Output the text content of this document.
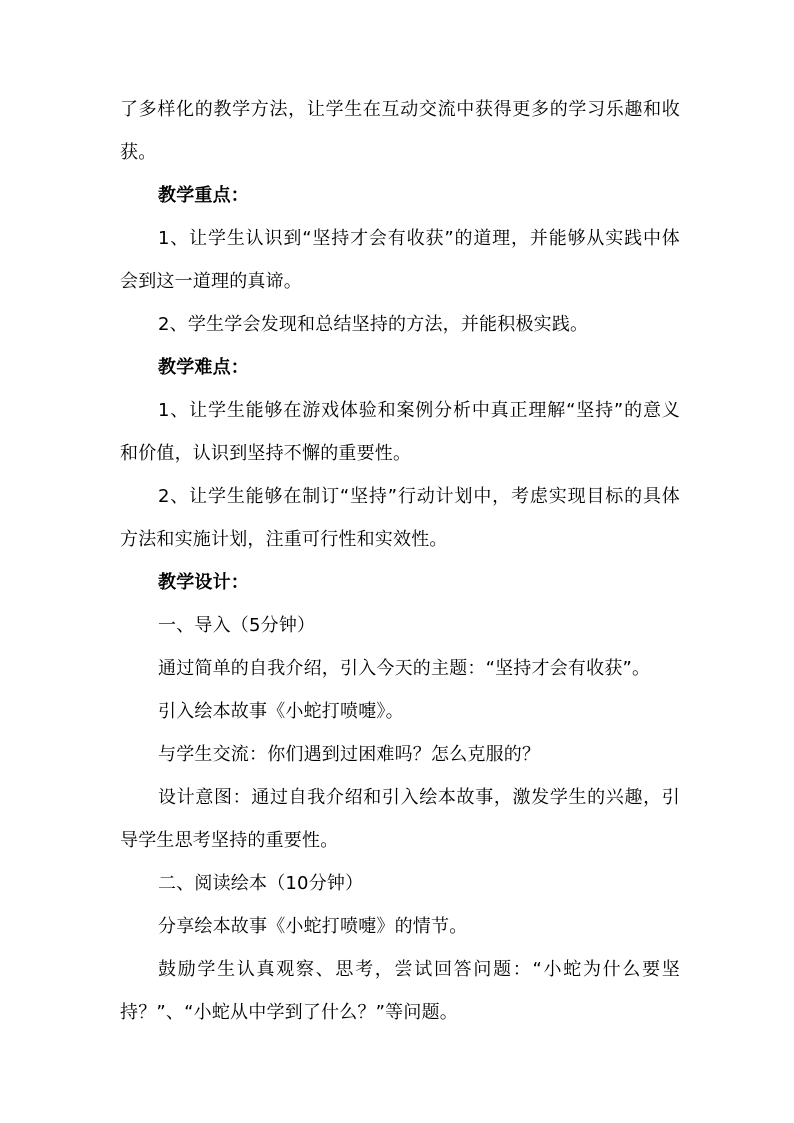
了多样化的教学方法，让学生在互动交流中获得更多的学习乐趣和收获。

教学重点：

1、让学生认识到“坚持才会有收获”的道理，并能够从实践中体会到这一道理的真谛。

2、学生学会发现和总结坚持的方法，并能积极实践。

教学难点：

1、让学生能够在游戏体验和案例分析中真正理解“坚持”的意义和价值，认识到坚持不懈的重要性。

2、让学生能够在制订“坚持”行动计划中，考虑实现目标的具体方法和实施计划，注重可行性和实效性。

教学设计：

一、导入（5分钟）

通过简单的自我介绍，引入今天的主题：“坚持才会有收获”。

引入绘本故事《小蛇打喷嚏》。

与学生交流：你们遇到过困难吗？怎么克服的？

设计意图：通过自我介绍和引入绘本故事，激发学生的兴趣，引导学生思考坚持的重要性。

二、阅读绘本（10分钟）

分享绘本故事《小蛇打喷嚏》的情节。

鼓励学生认真观察、思考，尝试回答问题：“小蛇为什么要坚持？”、“小蛇从中学到了什么？”等问题。
